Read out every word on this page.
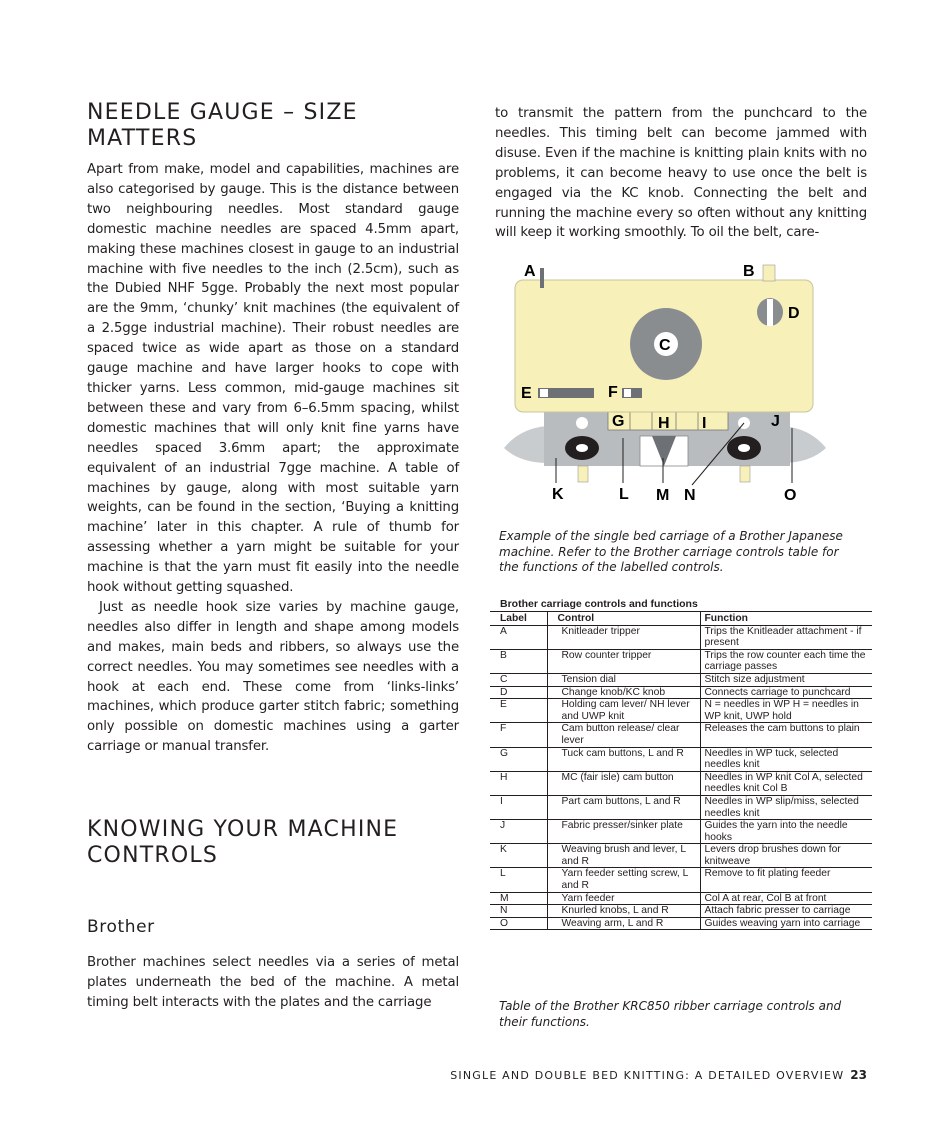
NEEDLE GAUGE – SIZE MATTERS

Apart from make, model and capabilities, machines are also categorised by gauge. This is the distance between two neighbouring needles. Most standard gauge domestic machine needles are spaced 4.5mm apart, making these machines closest in gauge to an industrial machine with five needles to the inch (2.5cm), such as the Dubied NHF 5gge. Probably the next most popular are the 9mm, ‘chunky’ knit machines (the equivalent of a 2.5gge industrial machine). Their robust needles are spaced twice as wide apart as those on a standard gauge machine and have larger hooks to cope with thicker yarns. Less common, mid-gauge machines sit between these and vary from 6–6.5mm spacing, whilst domestic machines that will only knit fine yarns have needles spaced 3.6mm apart; the approximate equivalent of an industrial 7gge machine. A table of machines by gauge, along with most suitable yarn weights, can be found in the section, ‘Buying a knitting machine’ later in this chapter. A rule of thumb for assessing whether a yarn might be suitable for your machine is that the yarn must fit easily into the needle hook without getting squashed.

Just as needle hook size varies by machine gauge, needles also differ in length and shape among models and makes, main beds and ribbers, so always use the correct needles. You may sometimes see needles with a hook at each end. These come from ‘links-links’ machines, which produce garter stitch fabric; something only possible on domestic machines using a garter carriage or manual transfer.

KNOWING YOUR MACHINE CONTROLS
Brother

Brother machines select needles via a series of metal plates underneath the bed of the machine. A metal timing belt interacts with the plates and the carriage

to transmit the pattern from the punchcard to the needles. This timing belt can become jammed with disuse. Even if the machine is knitting plain knits with no problems, it can become heavy to use once the belt is engaged via the KC knob. Connecting the belt and running the machine every so often without any knitting will keep it working smoothly. To oil the belt, care-

A	B
C
D
E	F
G H I	J
K	L M N	O

Example of the single bed carriage of a Brother Japanese machine. Refer to the Brother carriage controls table for the functions of the labelled controls.

Brother carriage controls and functions
Label	Control	Function
A	Knitleader tripper	Trips the Knitleader attachment - if present
B	Row counter tripper	Trips the row counter each time the carriage passes
C	Tension dial	Stitch size adjustment
D	Change knob/KC knob	Connects carriage to punchcard
E	Holding cam lever/ NH lever and UWP knit	N = needles in WP H = needles in WP knit, UWP hold
F	Cam button release/ clear lever	Releases the cam buttons to plain
G	Tuck cam buttons, L and R	Needles in WP tuck, selected needles knit
H	MC (fair isle) cam button	Needles in WP knit Col A, selected needles knit Col B
I	Part cam buttons, L and R	Needles in WP slip/miss, selected needles knit
J	Fabric presser/sinker plate	Guides the yarn into the needle hooks
K	Weaving brush and lever, L and R	Levers drop brushes down for knitweave
L	Yarn feeder setting screw, L and R	Remove to fit plating feeder
M	Yarn feeder	Col A at rear, Col B at front
N	Knurled knobs, L and R	Attach fabric presser to carriage
O	Weaving arm, L and R	Guides weaving yarn into carriage

Table of the Brother KRC850 ribber carriage controls and their functions.

SINGLE AND DOUBLE BED KNITTING: A DETAILED OVERVIEW 23
